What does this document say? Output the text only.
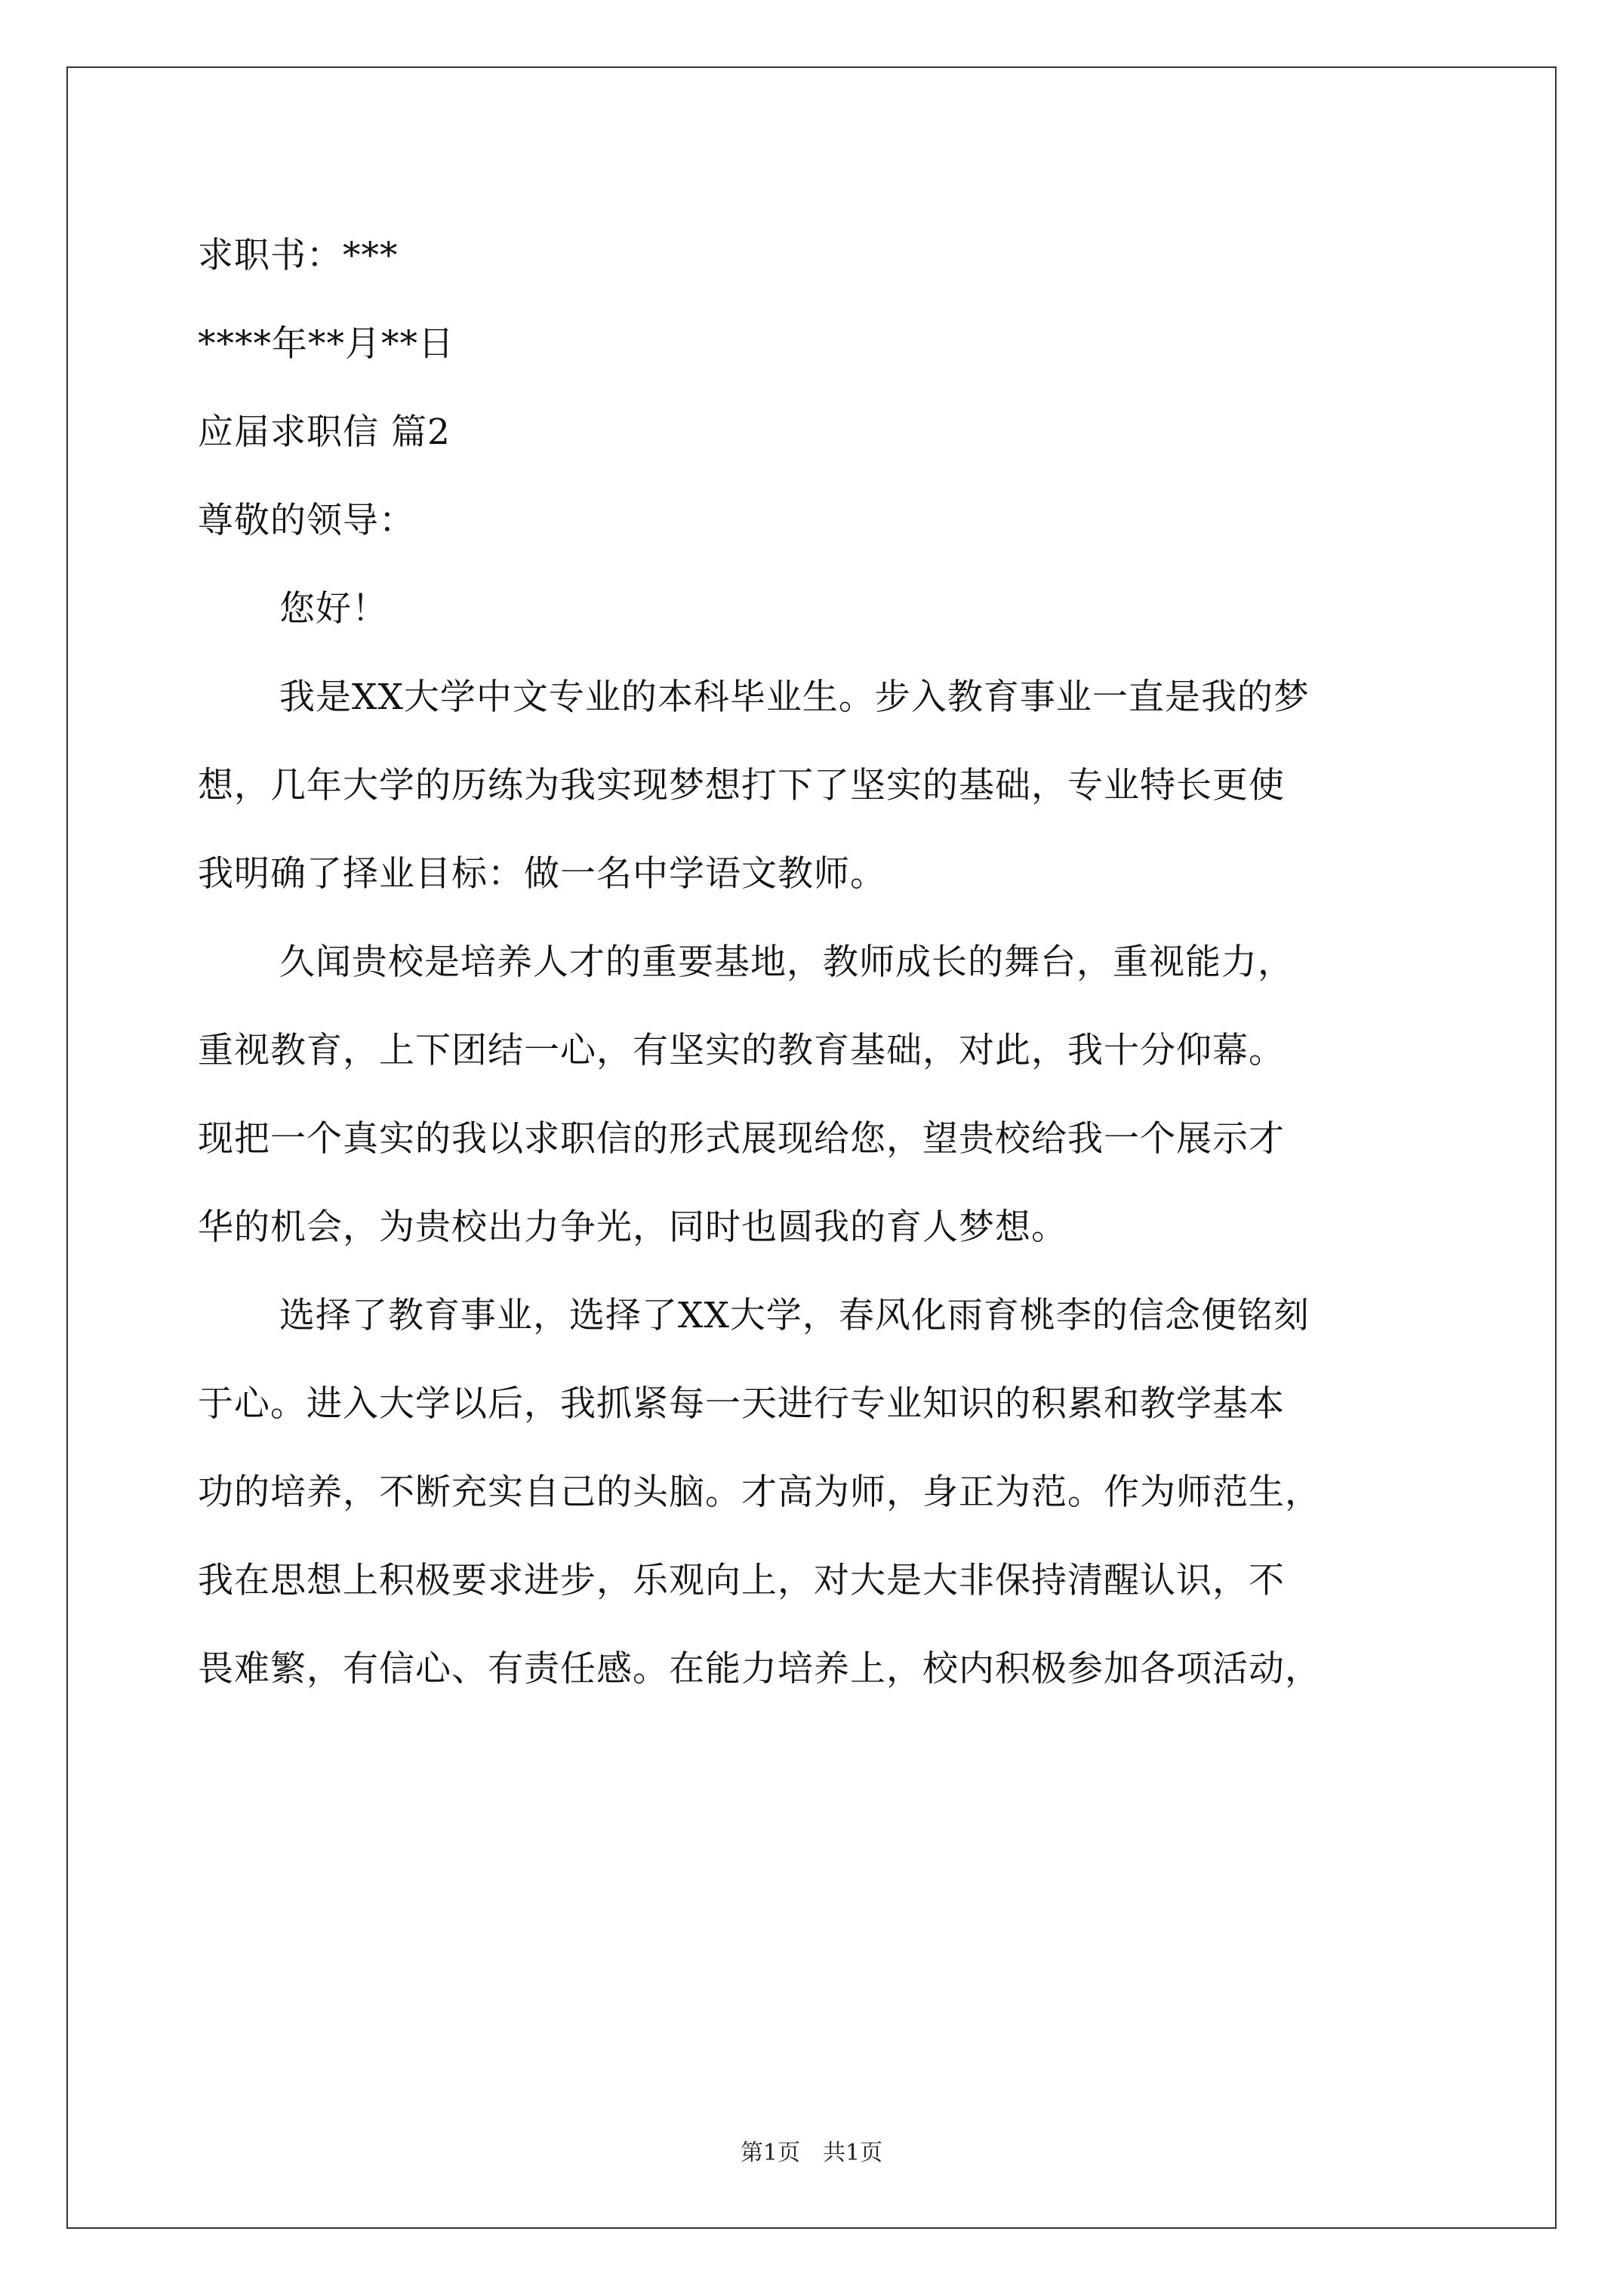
求职书：***
****年**月**日
应届求职信 篇2
尊敬的领导：
您好！
我是XX大学中文专业的本科毕业生。步入教育事业一直是我的梦
想，几年大学的历练为我实现梦想打下了坚实的基础，专业特长更使
我明确了择业目标：做一名中学语文教师。
久闻贵校是培养人才的重要基地，教师成长的舞台，重视能力，
重视教育，上下团结一心，有坚实的教育基础，对此，我十分仰幕。
现把一个真实的我以求职信的形式展现给您，望贵校给我一个展示才
华的机会，为贵校出力争光，同时也圆我的育人梦想。
选择了教育事业，选择了XX大学，春风化雨育桃李的信念便铭刻
于心。进入大学以后，我抓紧每一天进行专业知识的积累和教学基本
功的培养，不断充实自己的头脑。才高为师，身正为范。作为师范生，
我在思想上积极要求进步，乐观向上，对大是大非保持清醒认识，不
畏难繁，有信心、有责任感。在能力培养上，校内积极参加各项活动，
第1页　共1页
